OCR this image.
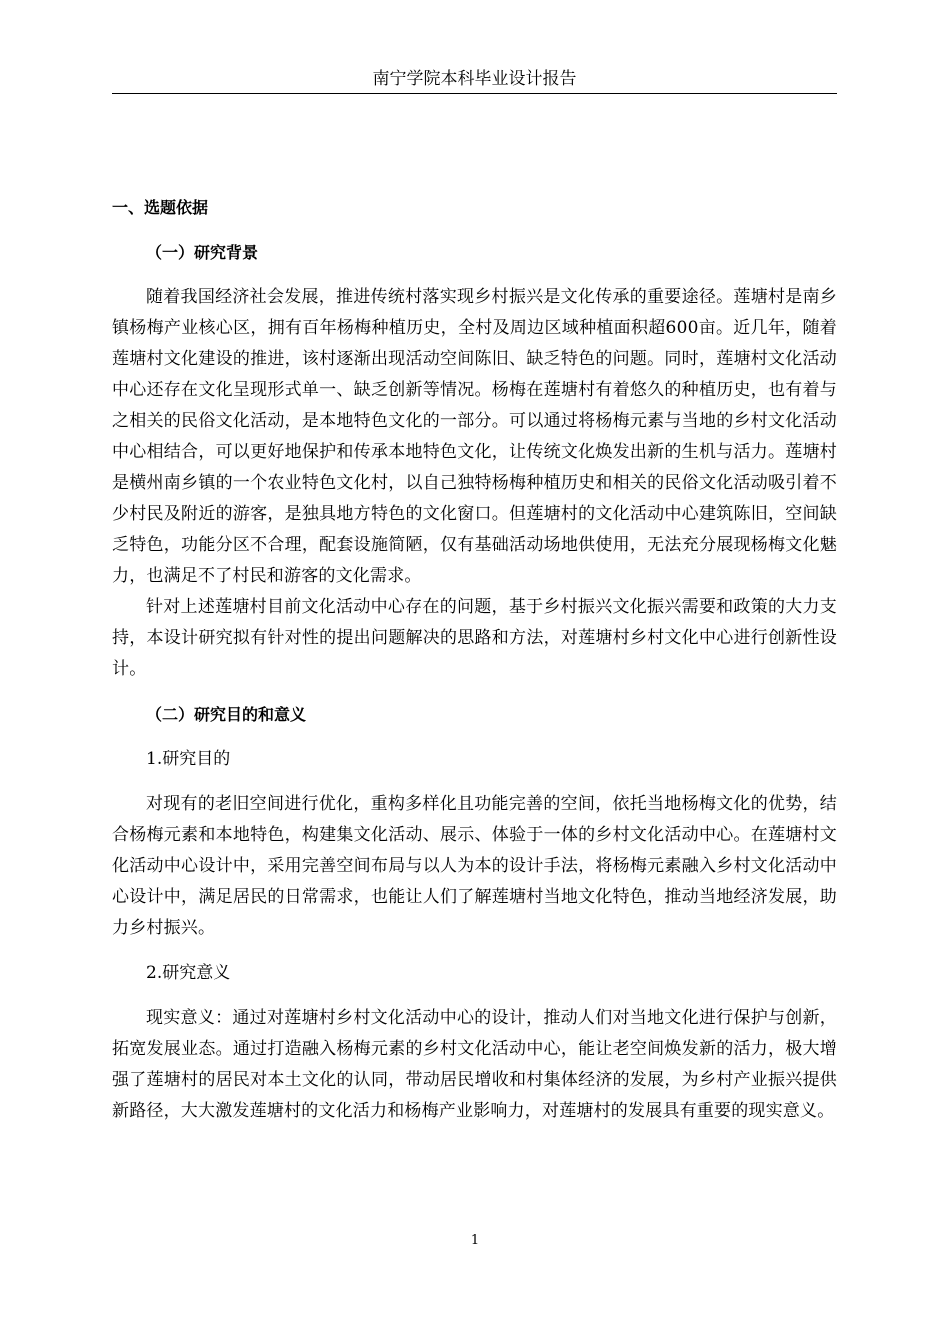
南宁学院本科毕业设计报告
一、选题依据
（一）研究背景

随着我国经济社会发展，推进传统村落实现乡村振兴是文化传承的重要途径。莲塘村是南乡镇杨梅产业核心区，拥有百年杨梅种植历史，全村及周边区域种植面积超600亩。近几年，随着莲塘村文化建设的推进，该村逐渐出现活动空间陈旧、缺乏特色的问题。同时，莲塘村文化活动中心还存在文化呈现形式单一、缺乏创新等情况。杨梅在莲塘村有着悠久的种植历史，也有着与之相关的民俗文化活动，是本地特色文化的一部分。可以通过将杨梅元素与当地的乡村文化活动中心相结合，可以更好地保护和传承本地特色文化，让传统文化焕发出新的生机与活力。莲塘村是横州南乡镇的一个农业特色文化村，以自己独特杨梅种植历史和相关的民俗文化活动吸引着不少村民及附近的游客，是独具地方特色的文化窗口。但莲塘村的文化活动中心建筑陈旧，空间缺乏特色，功能分区不合理，配套设施简陋，仅有基础活动场地供使用，无法充分展现杨梅文化魅力，也满足不了村民和游客的文化需求。

针对上述莲塘村目前文化活动中心存在的问题，基于乡村振兴文化振兴需要和政策的大力支持，本设计研究拟有针对性的提出问题解决的思路和方法，对莲塘村乡村文化中心进行创新性设计。

（二）研究目的和意义
1.研究目的

对现有的老旧空间进行优化，重构多样化且功能完善的空间，依托当地杨梅文化的优势，结合杨梅元素和本地特色，构建集文化活动、展示、体验于一体的乡村文化活动中心。在莲塘村文化活动中心设计中，采用完善空间布局与以人为本的设计手法，将杨梅元素融入乡村文化活动中心设计中，满足居民的日常需求，也能让人们了解莲塘村当地文化特色，推动当地经济发展，助力乡村振兴。

2.研究意义

现实意义：通过对莲塘村乡村文化活动中心的设计，推动人们对当地文化进行保护与创新，拓宽发展业态。通过打造融入杨梅元素的乡村文化活动中心，能让老空间焕发新的活力，极大增强了莲塘村的居民对本土文化的认同，带动居民增收和村集体经济的发展，为乡村产业振兴提供新路径，大大激发莲塘村的文化活力和杨梅产业影响力，对莲塘村的发展具有重要的现实意义。

1
